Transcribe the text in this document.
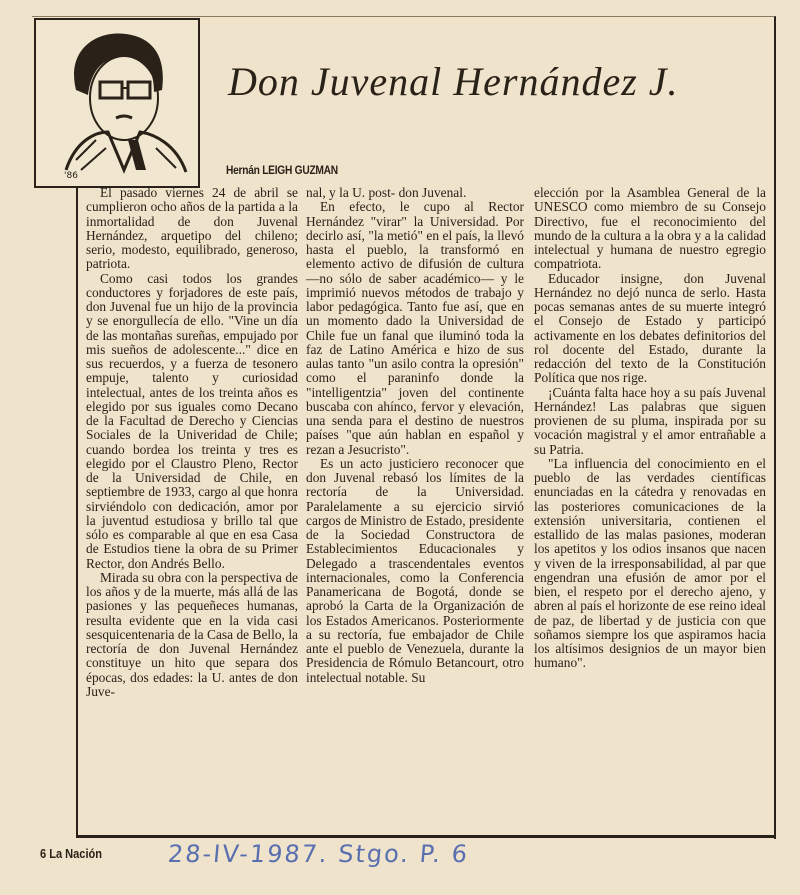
'86
Don Juvenal Hernández J.
Hernán LEIGH GUZMAN

El pasado viernes 24 de abril se cumplieron ocho años de la partida a la inmortalidad de don Juvenal Hernández, arquetipo del chileno; serio, modesto, equilibrado, generoso, patriota.

Como casi todos los grandes conductores y forjadores de este país, don Juvenal fue un hijo de la provincia y se enorgullecía de ello. "Vine un día de las montañas sureñas, empujado por mis sueños de adolescente..." dice en sus recuerdos, y a fuerza de tesonero empuje, talento y curiosidad intelectual, antes de los treinta años es elegido por sus iguales como Decano de la Facultad de Derecho y Ciencias Sociales de la Univeridad de Chile; cuando bordea los treinta y tres es elegido por el Claustro Pleno, Rector de la Universidad de Chile, en septiembre de 1933, cargo al que honra sirviéndolo con dedicación, amor por la juventud estudiosa y brillo tal que sólo es comparable al que en esa Casa de Estudios tiene la obra de su Primer Rector, don Andrés Bello.

Mirada su obra con la perspectiva de los años y de la muerte, más allá de las pasiones y las pequeñeces humanas, resulta evidente que en la vida casi sesquicentenaria de la Casa de Bello, la rectoría de don Juvenal Hernández constituye un hito que separa dos épocas, dos edades: la U. antes de don Juve-

nal, y la U. post- don Juvenal.

En efecto, le cupo al Rector Hernández "virar" la Universidad. Por decirlo así, "la metió" en el país, la llevó hasta el pueblo, la transformó en elemento activo de difusión de cultura —no sólo de saber académico— y le imprimió nuevos métodos de trabajo y labor pedagógica. Tanto fue así, que en un momento dado la Universidad de Chile fue un fanal que iluminó toda la faz de Latino América e hizo de sus aulas tanto "un asilo contra la opresión" como el paraninfo donde la "intelligentzia" joven del continente buscaba con ahínco, fervor y elevación, una senda para el destino de nuestros países "que aún hablan en español y rezan a Jesucristo".

Es un acto justiciero reconocer que don Juvenal rebasó los límites de la rectoría de la Universidad. Paralelamente a su ejercicio sirvió cargos de Ministro de Estado, presidente de la Sociedad Constructora de Establecimientos Educacionales y Delegado a trascendentales eventos internacionales, como la Conferencia Panamericana de Bogotá, donde se aprobó la Carta de la Organización de los Estados Americanos. Posteriormente a su rectoría, fue embajador de Chile ante el pueblo de Venezuela, durante la Presidencia de Rómulo Betancourt, otro intelectual notable. Su

elección por la Asamblea General de la UNESCO como miembro de su Consejo Directivo, fue el reconocimiento del mundo de la cultura a la obra y a la calidad intelectual y humana de nuestro egregio compatriota.

Educador insigne, don Juvenal Hernández no dejó nunca de serlo. Hasta pocas semanas antes de su muerte integró el Consejo de Estado y participó activamente en los debates definitorios del rol docente del Estado, durante la redacción del texto de la Constitución Política que nos rige.

¡Cuánta falta hace hoy a su país Juvenal Hernández! Las palabras que siguen provienen de su pluma, inspirada por su vocación magistral y el amor entrañable a su Patria.

"La influencia del conocimiento en el pueblo de las verdades científicas enunciadas en la cátedra y renovadas en las posteriores comunicaciones de la extensión universitaria, contienen el estallido de las malas pasiones, moderan los apetitos y los odios insanos que nacen y viven de la irresponsabilidad, al par que engendran una efusión de amor por el bien, el respeto por el derecho ajeno, y abren al país el horizonte de ese reino ideal de paz, de libertad y de justicia con que soñamos siempre los que aspiramos hacia los altísimos designios de un mayor bien humano".

6 La Nación	28-IV-1987. Stgo. P. 6
